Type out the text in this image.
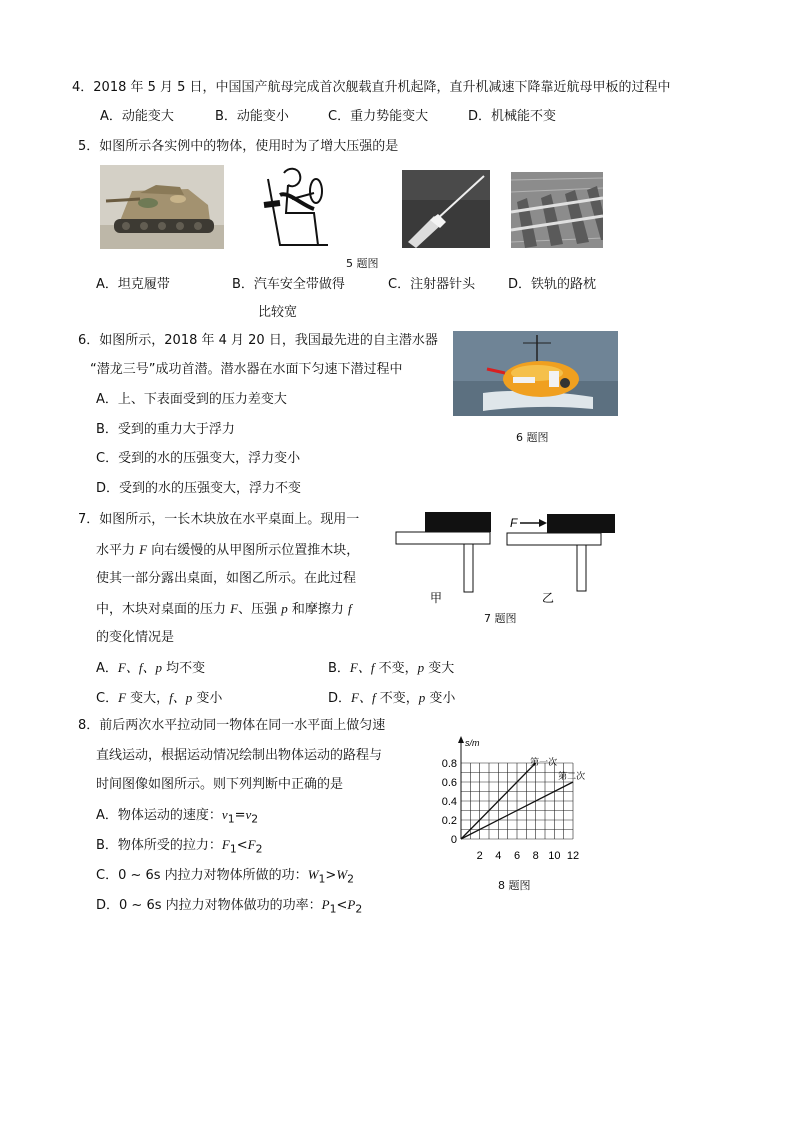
4．2018 年 5 月 5 日，中国国产航母完成首次舰载直升机起降，直升机减速下降靠近航母甲板的过程中
A．动能变大	B．动能变小	C．重力势能变大	D．机械能不变
5．如图所示各实例中的物体，使用时为了增大压强的是
5 题图
A．坦克履带	B．汽车安全带做得	C．注射器针头	D．铁轨的路枕
比较宽
6．如图所示，2018 年 4 月 20 日，我国最先进的自主潜水器
“潜龙三号”成功首潜。潜水器在水面下匀速下潜过程中
A．上、下表面受到的压力差变大
B．受到的重力大于浮力
C．受到的水的压强变大，浮力变小
D．受到的水的压强变大，浮力不变
6 题图
7．如图所示，一长木块放在水平桌面上。现用一
水平力 F 向右缓慢的从甲图所示位置推木块，
使其一部分露出桌面，如图乙所示。在此过程
中，木块对桌面的压力 F、压强 p 和摩擦力 f
的变化情况是
A．F、f、p 均不变	B．F、f 不变，p 变大
C．F 变大，f、p 变小	D．F、f 不变，p 变小
F
甲	乙
7 题图
8．前后两次水平拉动同一物体在同一水平面上做匀速
直线运动，根据运动情况绘制出物体运动的路程与
时间图像如图所示。则下列判断中正确的是
A．物体运动的速度：$v_1=v_2$
B．物体所受的拉力：$F_1<F_2$
C．0 ~ 6s 内拉力对物体所做的功：$W_1>W_2$
D．0 ~ 6s 内拉力对物体做功的功率：$P_1<P_2$
s/m
0
0.2
0.4
0.6
0.8
2 4 6 8 10 12
第一次
第二次
8 题图
